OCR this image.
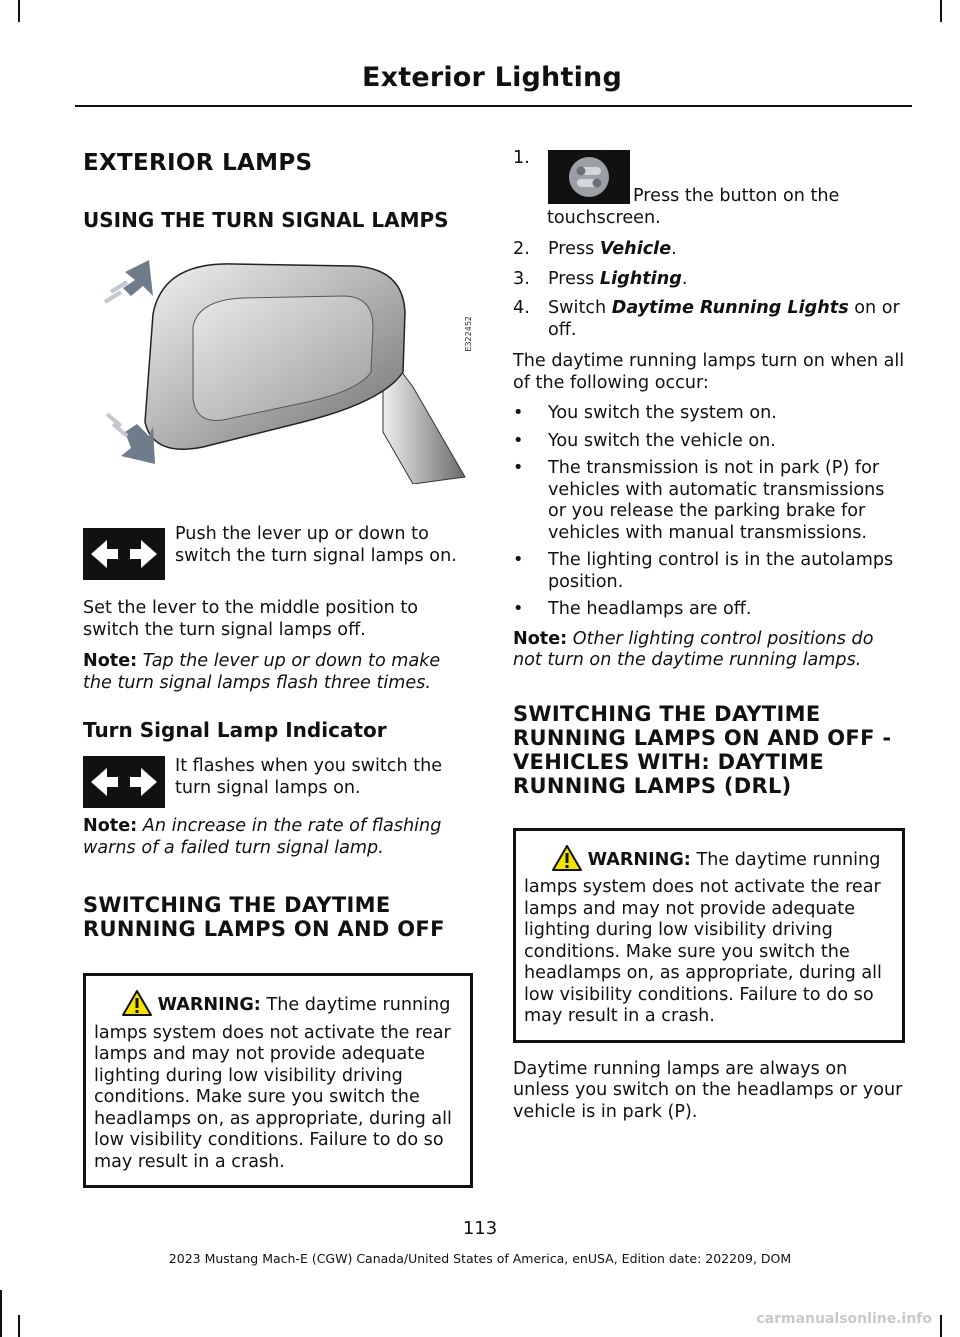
Exterior Lighting
EXTERIOR LAMPS
USING THE TURN SIGNAL LAMPS
E322452

Push the lever up or down to switch the turn signal lamps on.

Set the lever to the middle position to switch the turn signal lamps off.

Note: Tap the lever up or down to make the turn signal lamps flash three times.

Turn Signal Lamp Indicator

It flashes when you switch the turn signal lamps on.

Note: An increase in the rate of flashing warns of a failed turn signal lamp.

SWITCHING THE DAYTIME RUNNING LAMPS ON AND OFF

WARNING: The daytime running lamps system does not activate the rear lamps and may not provide adequate lighting during low visibility driving conditions. Make sure you switch the headlamps on, as appropriate, during all low visibility conditions. Failure to do so may result in a crash.

1.

Press the button on the touchscreen.

2.	Press Vehicle.
3.	Press Lighting.
4.	Switch Daytime Running Lights on or off.

The daytime running lamps turn on when all of the following occur:

•	You switch the system on.
•	You switch the vehicle on.
•	The transmission is not in park (P) for vehicles with automatic transmissions or you release the parking brake for vehicles with manual transmissions.
•	The lighting control is in the autolamps position.
•	The headlamps are off.

Note: Other lighting control positions do not turn on the daytime running lamps.

SWITCHING THE DAYTIME RUNNING LAMPS ON AND OFF - VEHICLES WITH: DAYTIME RUNNING LAMPS (DRL)

WARNING: The daytime running lamps system does not activate the rear lamps and may not provide adequate lighting during low visibility driving conditions. Make sure you switch the headlamps on, as appropriate, during all low visibility conditions. Failure to do so may result in a crash.

Daytime running lamps are always on unless you switch on the headlamps or your vehicle is in park (P).

113
2023 Mustang Mach-E (CGW) Canada/United States of America, enUSA, Edition date: 202209, DOM
carmanualsonline.info
